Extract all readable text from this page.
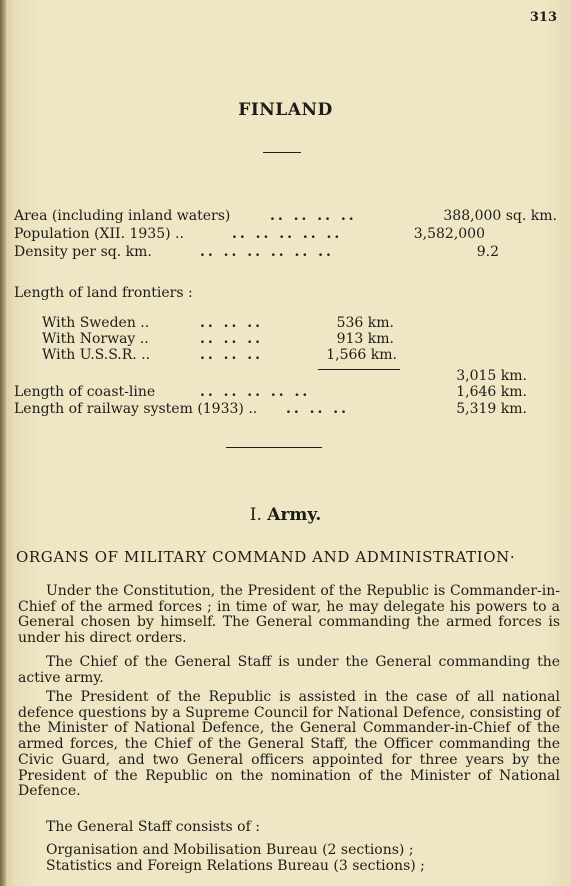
313
FINLAND
Area (including inland waters)	.. .. .. ..	388,000 sq. km.
Population (XII. 1935) ..	.. .. .. .. ..	3,582,000
Density per sq. km.	.. .. .. .. .. ..	9.2
Length of land frontiers :
With Sweden ..	.. .. ..	536 km.
With Norway ..	.. .. ..	913 km.
With U.S.S.R. ..	.. .. ..	1,566 km.
3,015 km.
Length of coast-line	.. .. .. .. ..	1,646 km.
Length of railway system (1933) .. .. .. ..	5,319 km.
I. Army.
ORGANS OF MILITARY COMMAND AND ADMINISTRATION·

Under the Constitution, the President of the Republic is Commander-in-Chief of the armed forces ; in time of war, he may delegate his powers to a General chosen by himself. The General commanding the armed forces is under his direct orders.

The Chief of the General Staff is under the General commanding the active army.

The President of the Republic is assisted in the case of all national defence questions by a Supreme Council for National Defence, consisting of the Minister of National Defence, the General Commander-in-Chief of the armed forces, the Chief of the General Staff, the Officer commanding the Civic Guard, and two General officers appointed for three years by the President of the Republic on the nomination of the Minister of National Defence.

The General Staff consists of :

Organisation and Mobilisation Bureau (2 sections) ;
Statistics and Foreign Relations Bureau (3 sections) ;
